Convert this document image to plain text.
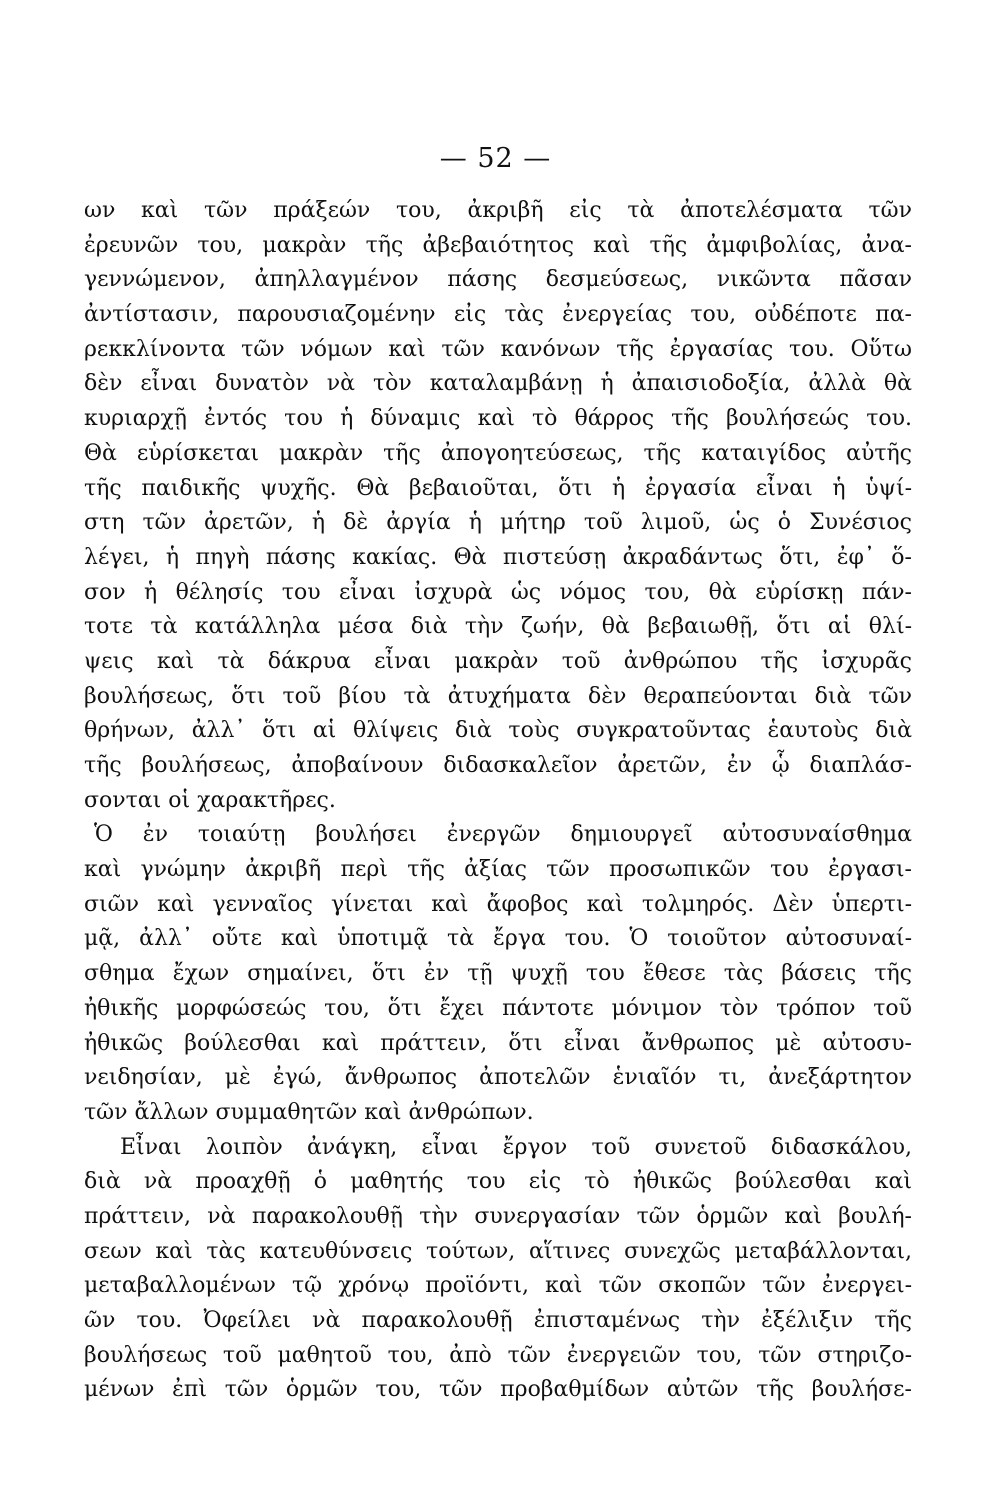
— 52 —
ων καὶ τῶν πράξεών του, ἀκριβῆ εἰς τὰ ἀποτελέσματα τῶν
ἐρευνῶν του, μακρὰν τῆς ἀβεβαιότητος καὶ τῆς ἀμφιβολίας, ἀνα-
γεννώμενον, ἀπηλλαγμένον πάσης δεσμεύσεως, νικῶντα πᾶσαν
ἀντίστασιν, παρουσιαζομένην εἰς τὰς ἐνεργείας του, οὐδέποτε πα-
ρεκκλίνοντα τῶν νόμων καὶ τῶν κανόνων τῆς ἐργασίας του. Οὕτω
δὲν εἶναι δυνατὸν νὰ τὸν καταλαμβάνῃ ἡ ἀπαισιοδοξία, ἀλλὰ θὰ
κυριαρχῇ ἐντός του ἡ δύναμις καὶ τὸ θάρρος τῆς βουλήσεώς του.
Θὰ εὑρίσκεται μακρὰν τῆς ἀπογοητεύσεως, τῆς καταιγίδος αὐτῆς
τῆς παιδικῆς ψυχῆς. Θὰ βεβαιοῦται, ὅτι ἡ ἐργασία εἶναι ἡ ὑψί-
στη τῶν ἀρετῶν, ἡ δὲ ἀργία ἡ μήτηρ τοῦ λιμοῦ, ὡς ὁ Συνέσιος
λέγει, ἡ πηγὴ πάσης κακίας. Θὰ πιστεύσῃ ἀκραδάντως ὅτι, ἐφ᾽ ὅ-
σον ἡ θέλησίς του εἶναι ἰσχυρὰ ὡς νόμος του, θὰ εὑρίσκῃ πάν-
τοτε τὰ κατάλληλα μέσα διὰ τὴν ζωήν, θὰ βεβαιωθῇ, ὅτι αἱ θλί-
ψεις καὶ τὰ δάκρυα εἶναι μακρὰν τοῦ ἀνθρώπου τῆς ἰσχυρᾶς
βουλήσεως, ὅτι τοῦ βίου τὰ ἀτυχήματα δὲν θεραπεύονται διὰ τῶν
θρήνων, ἀλλ᾽ ὅτι αἱ θλίψεις διὰ τοὺς συγκρατοῦντας ἑαυτοὺς διὰ
τῆς βουλήσεως, ἀποβαίνουν διδασκαλεῖον ἀρετῶν, ἐν ᾧ διαπλάσ-
σονται οἱ χαρακτῆρες.
Ὁ ἐν τοιαύτῃ βουλήσει ἐνεργῶν δημιουργεῖ αὐτοσυναίσθημα
καὶ γνώμην ἀκριβῆ περὶ τῆς ἀξίας τῶν προσωπικῶν του ἐργασι-
σιῶν καὶ γενναῖος γίνεται καὶ ἄφοβος καὶ τολμηρός. Δὲν ὑπερτι-
μᾷ, ἀλλ᾽ οὔτε καὶ ὑποτιμᾷ τὰ ἔργα του. Ὁ τοιοῦτον αὐτοσυναί-
σθημα ἔχων σημαίνει, ὅτι ἐν τῇ ψυχῇ του ἔθεσε τὰς βάσεις τῆς
ἠθικῆς μορφώσεώς του, ὅτι ἔχει πάντοτε μόνιμον τὸν τρόπον τοῦ
ἠθικῶς βούλεσθαι καὶ πράττειν, ὅτι εἶναι ἄνθρωπος μὲ αὐτοσυ-
νειδησίαν, μὲ ἐγώ, ἄνθρωπος ἀποτελῶν ἑνιαῖόν τι, ἀνεξάρτητον
τῶν ἄλλων συμμαθητῶν καὶ ἀνθρώπων.
Εἶναι λοιπὸν ἀνάγκη, εἶναι ἔργον τοῦ συνετοῦ διδασκάλου,
διὰ νὰ προαχθῇ ὁ μαθητής του εἰς τὸ ἠθικῶς βούλεσθαι καὶ
πράττειν, νὰ παρακολουθῇ τὴν συνεργασίαν τῶν ὁρμῶν καὶ βουλή-
σεων καὶ τὰς κατευθύνσεις τούτων, αἵτινες συνεχῶς μεταβάλλονται,
μεταβαλλομένων τῷ χρόνῳ προϊόντι, καὶ τῶν σκοπῶν τῶν ἐνεργει-
ῶν του. Ὀφείλει νὰ παρακολουθῇ ἐπισταμένως τὴν ἐξέλιξιν τῆς
βουλήσεως τοῦ μαθητοῦ του, ἀπὸ τῶν ἐνεργειῶν του, τῶν στηριζο-
μένων ἐπὶ τῶν ὁρμῶν του, τῶν προβαθμίδων αὐτῶν τῆς βουλήσε-
